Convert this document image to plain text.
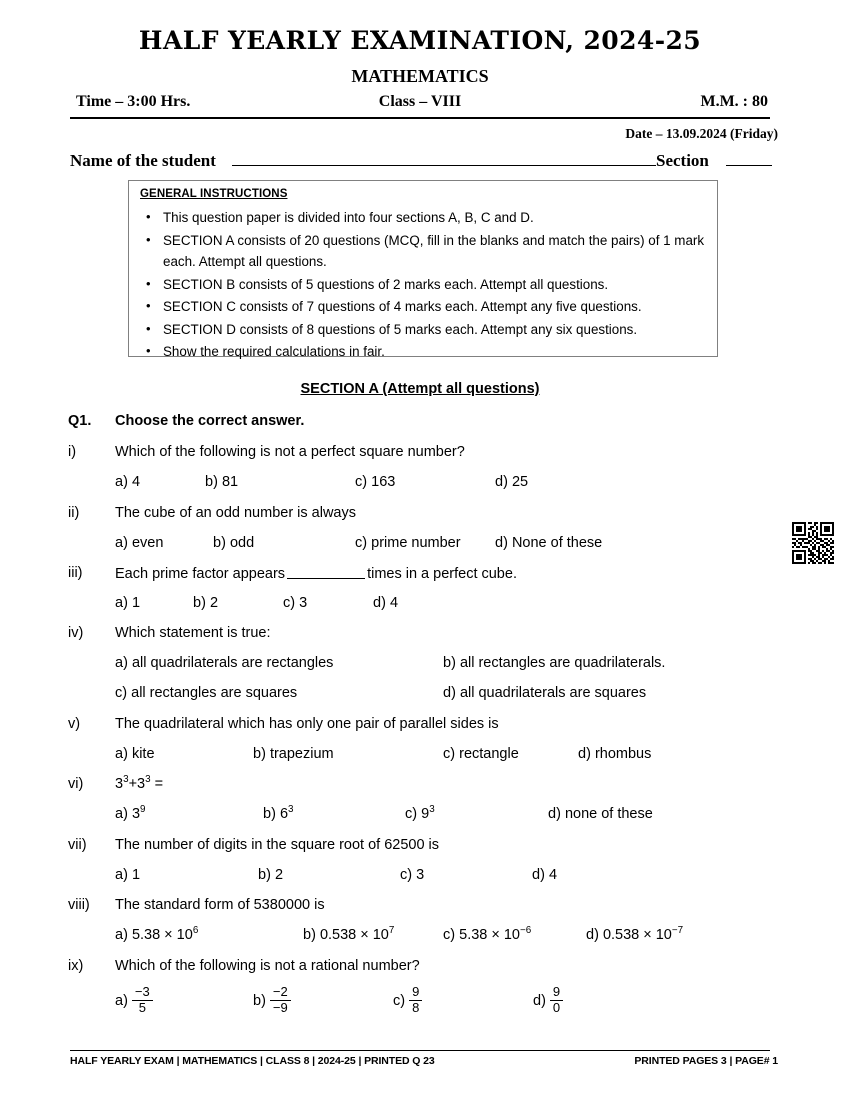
HALF YEARLY EXAMINATION, 2024-25
MATHEMATICS
Time – 3:00 Hrs.	Class – VIII	M.M. : 80
Date – 13.09.2024 (Friday)
Name of the student	Section
GENERAL INSTRUCTIONS
• This question paper is divided into four sections A, B, C and D.
• SECTION A consists of 20 questions (MCQ, fill in the blanks and match the pairs) of 1 mark each. Attempt all questions.
• SECTION B consists of 5 questions of 2 marks each. Attempt all questions.
• SECTION C consists of 7 questions of 4 marks each. Attempt any five questions.
• SECTION D consists of 8 questions of 5 marks each. Attempt any six questions.
• Show the required calculations in fair.
SECTION A (Attempt all questions)
Q1. Choose the correct answer.
i)	Which of the following is not a perfect square number?
a) 4	b) 81	c) 163	d) 25
ii)	The cube of an odd number is always
a) even	b) odd	c) prime number d) None of these
iii)	Each prime factor appears	times in a perfect cube.
a) 1	b) 2	c) 3	d) 4
iv)	Which statement is true:
a) all quadrilaterals are rectangles	b) all rectangles are quadrilaterals.
c) all rectangles are squares	d) all quadrilaterals are squares
v)	The quadrilateral which has only one pair of parallel sides is
a) kite	b) trapezium	c) rectangle	d) rhombus
vi)	$3^3+3^3$ =
a) $3^9$	b) $6^3$	c) $9^3$	d) none of these
vii)	The number of digits in the square root of 62500 is
a) 1	b) 2	c) 3	d) 4
viii)	The standard form of 5380000 is
a) $5.38 \times 10^6$	b) $0.538 \times 10^7$	c) $5.38 \times 10^{-6}$	d) $0.538 \times 10^{-7}$
ix)	Which of the following is not a rational number?
$a) \frac{-3}{5}$	$b) \frac{-2}{-9}$	$c) \frac{9}{8}$	$d) \frac{9}{0}$
HALF YEARLY EXAM | MATHEMATICS | CLASS 8 | 2024-25 | PRINTED Q 23	PRINTED PAGES 3 | PAGE# 1
